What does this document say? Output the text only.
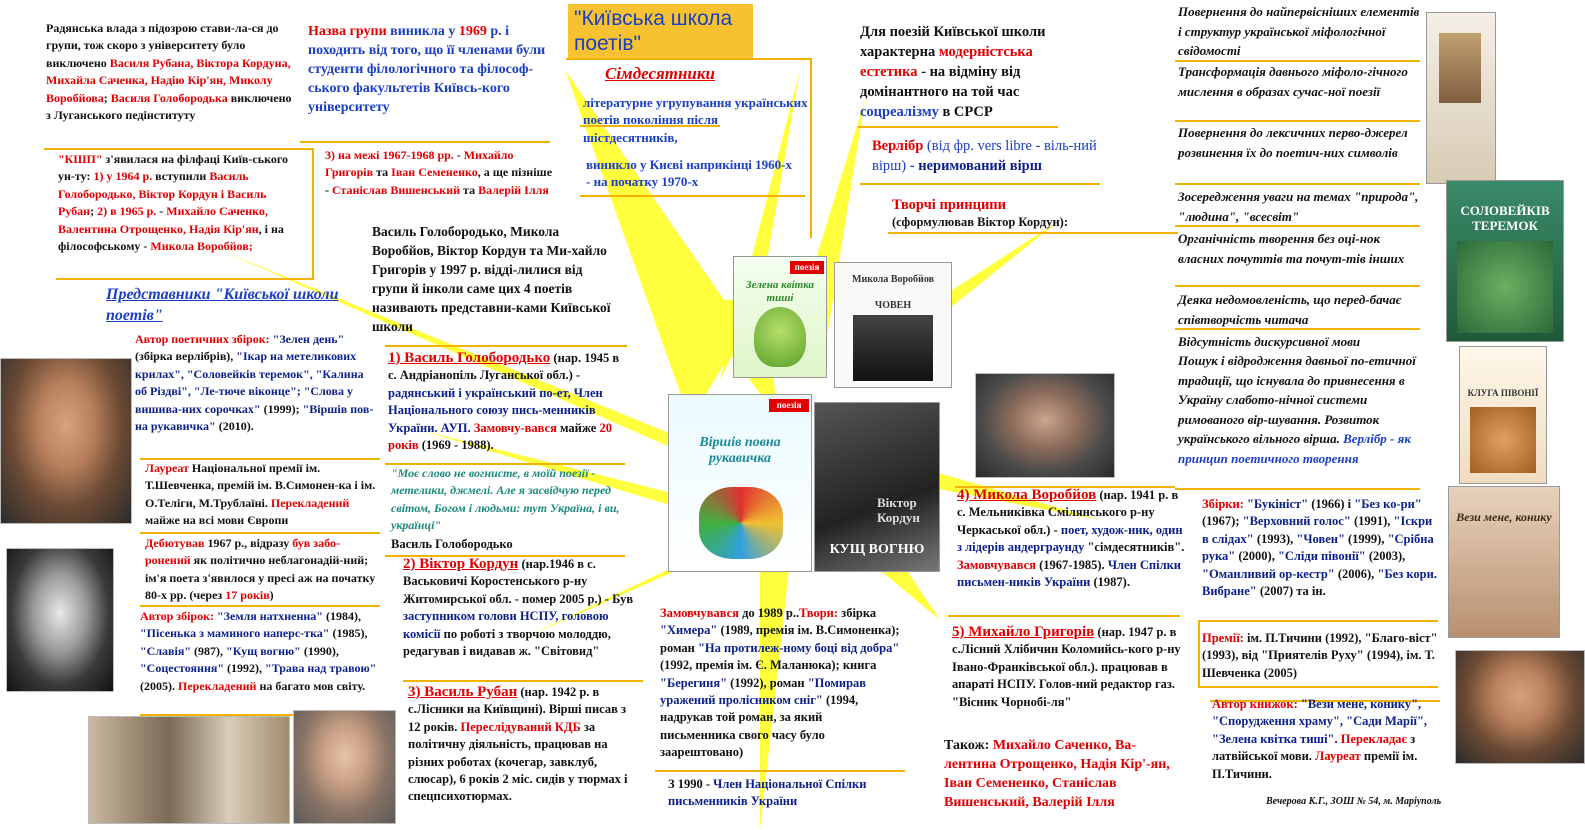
"Київська школа
поетів"
Сімдесятники
літературне угрупування українських поетів покоління після шістдесятників,
виникло у Києві наприкінці 1960-х - на початку 1970-х
Назва групи виникла у 1969 р. і походить від того, що її членами були студенти філологічного та філософ-ського факультетів Київсь-кого університету
Радянська влада з підозрою стави-ла-ся до групи, тож скоро з університету було виключено Василя Рубана, Віктора Кордуна, Михайла Саченка, Надію Кір'ян, Миколу Воробйова; Василя Голобородька виключено з Луганського педінституту
"КШП" з'явилася на філфаці Київ-ського ун-ту: 1) у 1964 р. вступили Василь Голобородько, Віктор Кордун і Василь Рубан; 2) в 1965 р. - Михайло Саченко, Валентина Отрощенко, Надія Кір'ян, і на філософському - Микола Воробйов;
3) на межі 1967-1968 рр. - Михайло Григорів та Іван Семененко, а ще пізніше - Станіслав Вишенський та Валерій Ілля
Василь Голобородько, Микола Воробйов, Віктор Кордун та Ми-хайло Григорів у 1997 р. відді-лилися від групи й інколи саме цих 4 поетів називають представни-ками Київської школи
Представники "Київської школи поетів"
Для поезій Київської школи характерна модерністська естетика - на відміну від домінантного на той час соцреалізму в СРСР
Верлібр (від фр. vers libre - віль-ний вірш) - неримований вірш
Творчі принципи
(сформулював Віктор Кордун):
Повернення до найпервісніших елементів і структур української міфологічної свідомості
Трансформація давнього міфоло-гічного мислення в образах сучас-ної поезії
Повернення до лексичних перво-джерел розвинення їх до поетич-них символів
Зосередження уваги на темах "природа", "людина", "всесвіт"
Органічність творення без оці-нок власних почуттів та почут-тів інших
Деяка недомовленість, що перед-бачає співтворчість читача
Відсутність дискурсивної мови
Пошук і відродження давньої по-етичної традиції, що існувала до привнесення в Україну слабото-нічної системи римованого вір-шування. Розвиток українського вільного вірша. Верлібр - як принцип поетичного творення
1) Василь Голобородько (нар. 1945 в с. Андріанопіль Луганської обл.) - радянський і український по-ет, Член Національного союзу пись-менників України. АУП. Замовчу-вався майже 20 років (1969 - 1988).
"Моє слово не вогнисте, в моїй поезії - метелики, джмелі. Але я засвідчую перед світом, Богом і людьми: тут Україна, і ви, українці"
Василь Голобородько
Автор поетичних збірок: "Зелен день" (збірка верлібрів), "Ікар на метеликових крилах", "Соловейків теремок", "Калина об Різдві", "Ле-тюче віконце"; "Слова у вишива-них сорочках" (1999); "Віршів пов-на рукавичка" (2010).
Лауреат Національної премії ім. Т.Шевченка, премій ім. В.Симонен-ка і ім. О.Теліги, М.Трублаїні. Перекладений майже на всі мови Європи
2) Віктор Кордун (нар.1946 в с. Васьковичі Коростенського р-ну Житомирської обл. - помер 2005 р.) - Був заступником голови НСПУ, головою комісії по роботі з творчою молоддю, редагував і видавав ж. "Світовид"
Дебютував 1967 р., відразу був забо-ронений як політично неблагонадій-ний; ім'я поета з'явилося у пресі аж на початку 80-х рр. (через 17 років)
Автор збірок: "Земля натхненна" (1984), "Пісенька з маминого наперс-тка" (1985), "Славія" (987), "Кущ вогню" (1990), "Соцестояння" (1992), "Трава над травою" (2005). Перекладений на багато мов світу.	3) Василь Рубан (нар. 1942 р. в с.Лісники на Київщині). Вірші писав з 12 років. Переслідуваний КДБ за політичну діяльність, працював на різних роботах (кочегар, завклуб, слюсар), 6 років 2 міс. сидів у тюрмах і спецпсихотюрмах.
Замовчувався до 1989 р..Твори: збірка "Химера" (1989, премія ім. В.Симоненка); роман "На протилеж-ному боці від добра" (1992, премія ім. Є. Маланюка); книга "Берегиня" (1992), роман "Помирав уражений пролісником сніг" (1994, надрукав той роман, за який письменника свого часу було заарештовано)
З 1990 - Член Національної Спілки письменників України
4) Микола Воробйов (нар. 1941 р. в с. Мельниківка Смілянського р-ну Черкаської обл.) - поет, худож-ник, один з лідерів андерграунду "сімдесятників". Замовчувався (1967-1985). Член Спілки письмен-ників України (1987).
Збірки: "Букініст" (1966) і "Без ко-ри" (1967); "Верховний голос" (1991), "Іскри в слідах" (1993), "Човен" (1999), "Срібна рука" (2000), "Сліди півонії" (2003), "Оманливий ор-кестр" (2006), "Без кори. Вибране" (2007) та ін.
Премії: ім. П.Тичини (1992), "Благо-віст" (1993), від "Приятелів Руху" (1994), ім. Т. Шевченка (2005)
5) Михайло Григорів (нар. 1947 р. в с.Лісний Хлібичин Коломийсь-кого р-ну Івано-Франківської обл.). працював в апараті НСПУ. Голов-ний редактор газ. "Вісник Чорнобі-ля"	Автор книжок: "Вези мене, конику", "Спорудження храму", "Сади Марії", "Зелена квітка тиші". Перекладає з латвійської мови. Лауреат премії ім. П.Тичини.
Також: Михайло Саченко, Ва-лентина Отрощенко, Надія Кір'-ян, Іван Семененко, Станіслав Вишенський, Валерій Ілля	Вечерова К.Г., ЗОШ № 54, м. Маріуполь
поезія
Зелена квітка тиші
Микола Воробйов
ЧОВЕН
поезія
Віршів повна рукавичка
Віктор Кордун
КУЩ ВОГНЮ
СОЛОВЕЙКІВ ТЕРЕМОК
КЛУГА ПІВОНІЇ
Вези мене, конику
